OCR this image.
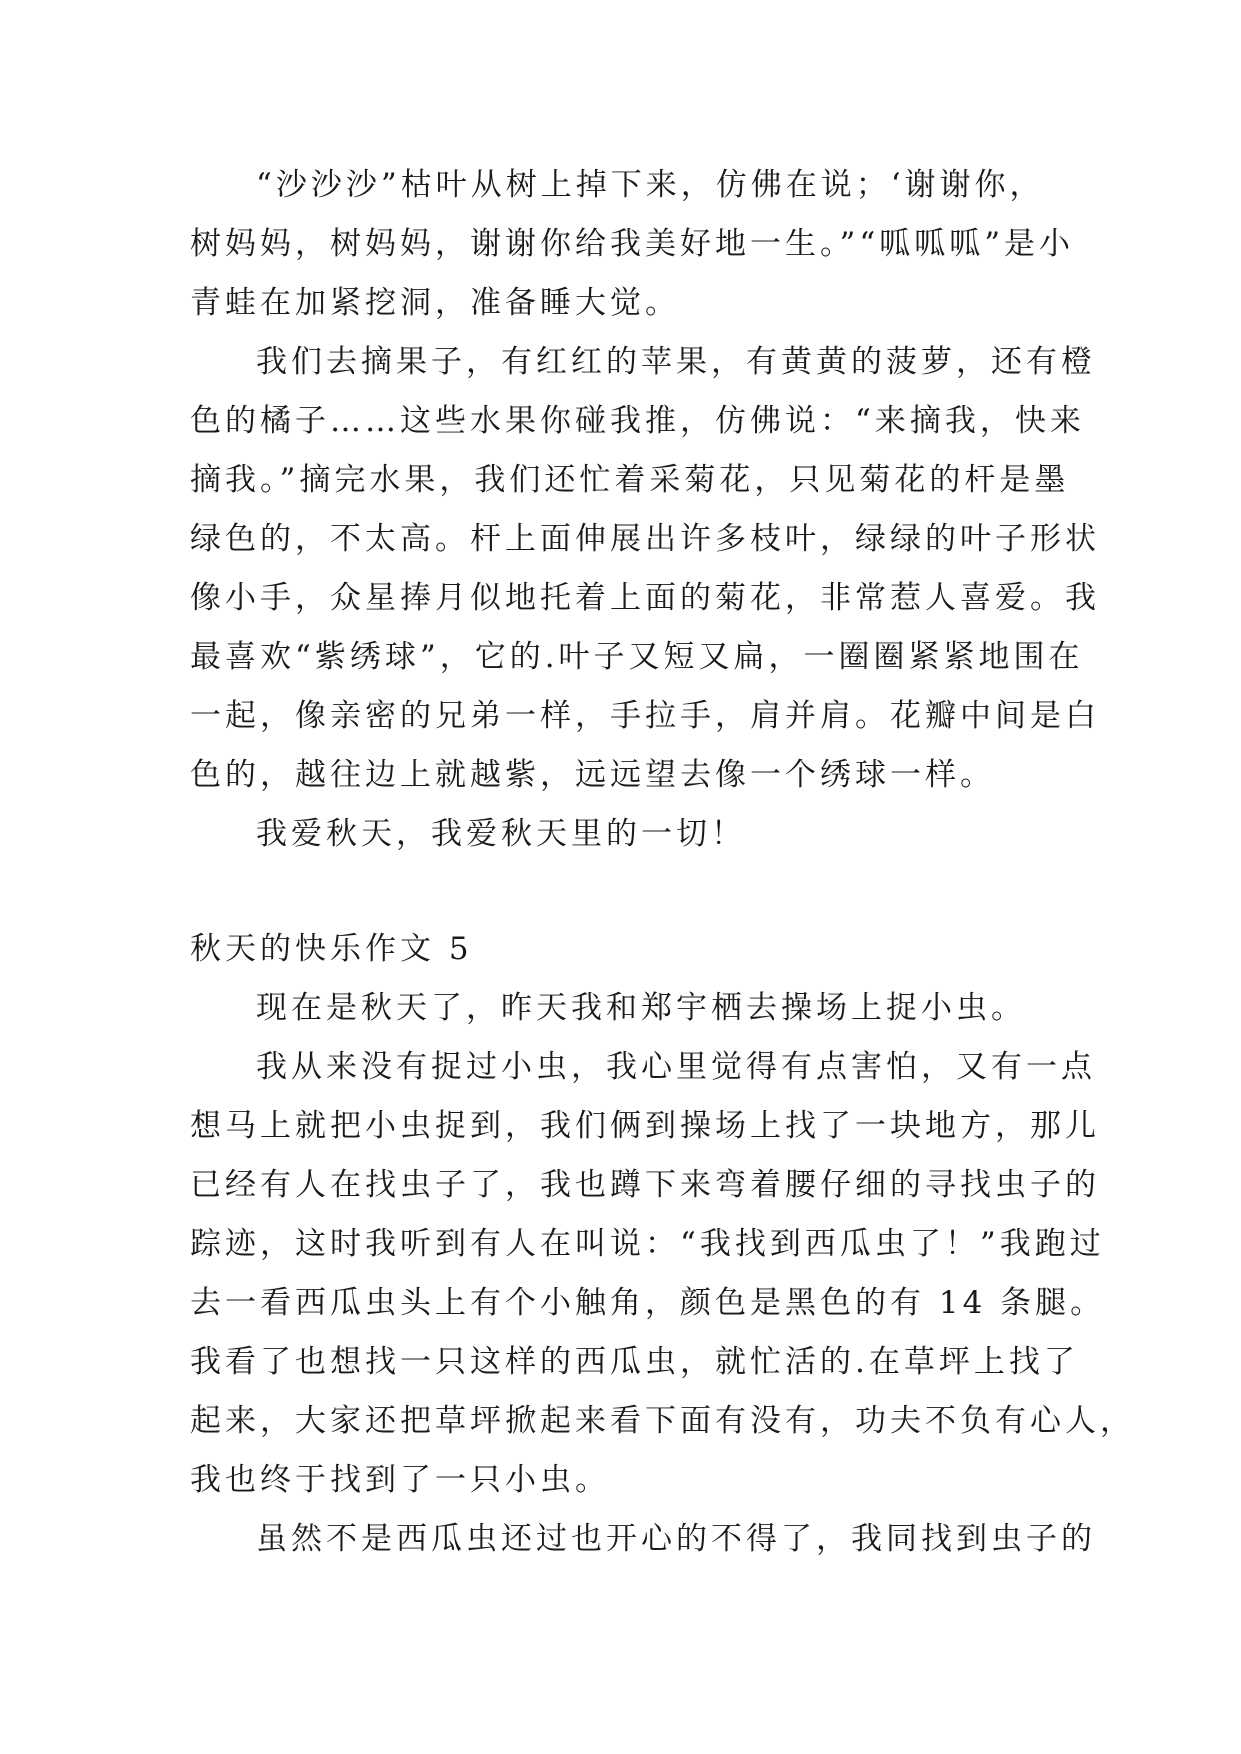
“沙沙沙”枯叶从树上掉下来，仿佛在说；‘谢谢你，
树妈妈，树妈妈，谢谢你给我美好地一生。”“呱呱呱”是小
青蛙在加紧挖洞，准备睡大觉。
我们去摘果子，有红红的苹果，有黄黄的菠萝，还有橙
色的橘子……这些水果你碰我推，仿佛说：“来摘我，快来
摘我。”摘完水果，我们还忙着采菊花，只见菊花的杆是墨
绿色的，不太高。杆上面伸展出许多枝叶，绿绿的叶子形状
像小手，众星捧月似地托着上面的菊花，非常惹人喜爱。我
最喜欢“紫绣球”，它的.叶子又短又扁，一圈圈紧紧地围在
一起，像亲密的兄弟一样，手拉手，肩并肩。花瓣中间是白
色的，越往边上就越紫，远远望去像一个绣球一样。
我爱秋天，我爱秋天里的一切！
秋天的快乐作文 5
现在是秋天了，昨天我和郑宇栖去操场上捉小虫。
我从来没有捉过小虫，我心里觉得有点害怕，又有一点
想马上就把小虫捉到，我们俩到操场上找了一块地方，那儿
已经有人在找虫子了，我也蹲下来弯着腰仔细的寻找虫子的
踪迹，这时我听到有人在叫说：“我找到西瓜虫了！”我跑过
去一看西瓜虫头上有个小触角，颜色是黑色的有 14 条腿。
我看了也想找一只这样的西瓜虫，就忙活的.在草坪上找了
起来，大家还把草坪掀起来看下面有没有，功夫不负有心人，
我也终于找到了一只小虫。
虽然不是西瓜虫还过也开心的不得了，我同找到虫子的
